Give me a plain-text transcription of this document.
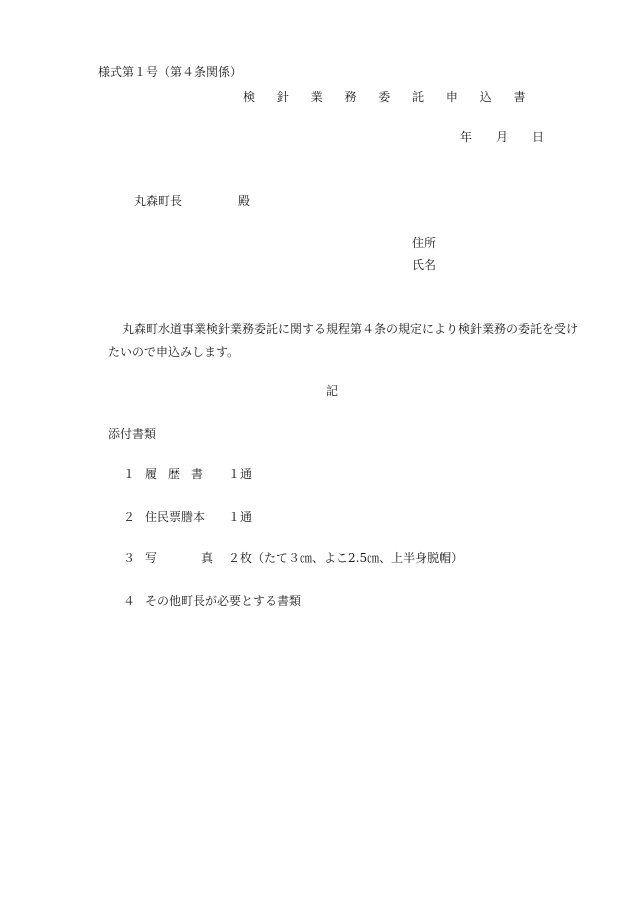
様式第１号（第４条関係）
検 針 業 務 委 託 申 込 書
年 月 日
丸森町長	殿
住所
氏名
丸森町水道事業検針業務委託に関する規程第４条の規定により検針業務の委託を受けたいので申込みします。
記
添付書類
１ 履歴書 １通
２ 住民票謄本 １通
３ 写真２枚（たて３㎝、よこ2.5㎝、上半身脱帽）
４ その他町長が必要とする書類
